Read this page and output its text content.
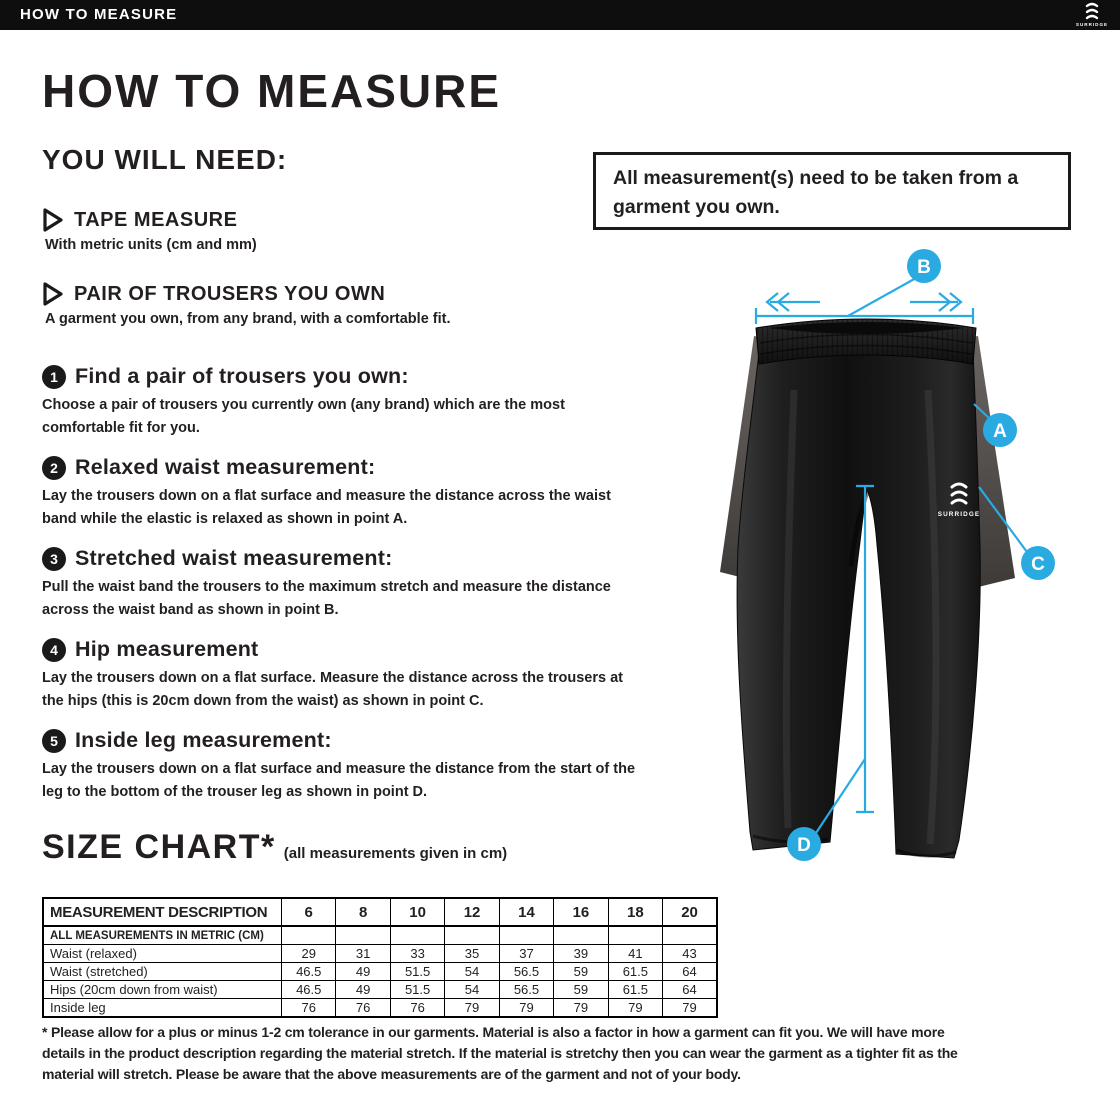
HOW TO MEASURE
SURRIDGE
HOW TO MEASURE
YOU WILL NEED:
TAPE MEASURE
With metric units (cm and mm)
PAIR OF TROUSERS YOU OWN
A garment you own, from any brand, with a comfortable fit.
All measurement(s) need to be taken from a garment you own.
1 Find a pair of trousers you own:
Choose a pair of trousers you currently own (any brand) which are the most comfortable fit for you.
2 Relaxed waist measurement:
Lay the trousers down on a flat surface and measure the distance across the waist band while the elastic is relaxed as shown in point A.
3 Stretched waist measurement:
Pull the waist band the trousers to the maximum stretch and measure the distance across the waist band as shown in point B.
4 Hip measurement
Lay the trousers down on a flat surface. Measure the distance across the trousers at the hips (this is 20cm down from the waist) as shown in point C.
5 Inside leg measurement:
Lay the trousers down on a flat surface and measure the distance from the start of the leg to the bottom of the trouser leg as shown in point D.
SURRIDGE
B
A
C
D
SIZE CHART* (all measurements given in cm)
MEASUREMENT DESCRIPTION	6	8	10	12	14	16	18	20
ALL MEASUREMENTS IN METRIC (CM)								
Waist (relaxed)	29	31	33	35	37	39	41	43
Waist (stretched)	46.5	49	51.5	54	56.5	59	61.5	64
Hips (20cm down from waist)	46.5	49	51.5	54	56.5	59	61.5	64
Inside leg	76	76	76	79	79	79	79	79
* Please allow for a plus or minus 1-2 cm tolerance in our garments. Material is also a factor in how a garment can fit you. We will have more details in the product description regarding the material stretch. If the material is stretchy then you can wear the garment as a tighter fit as the material will stretch. Please be aware that the above measurements are of the garment and not of your body.
